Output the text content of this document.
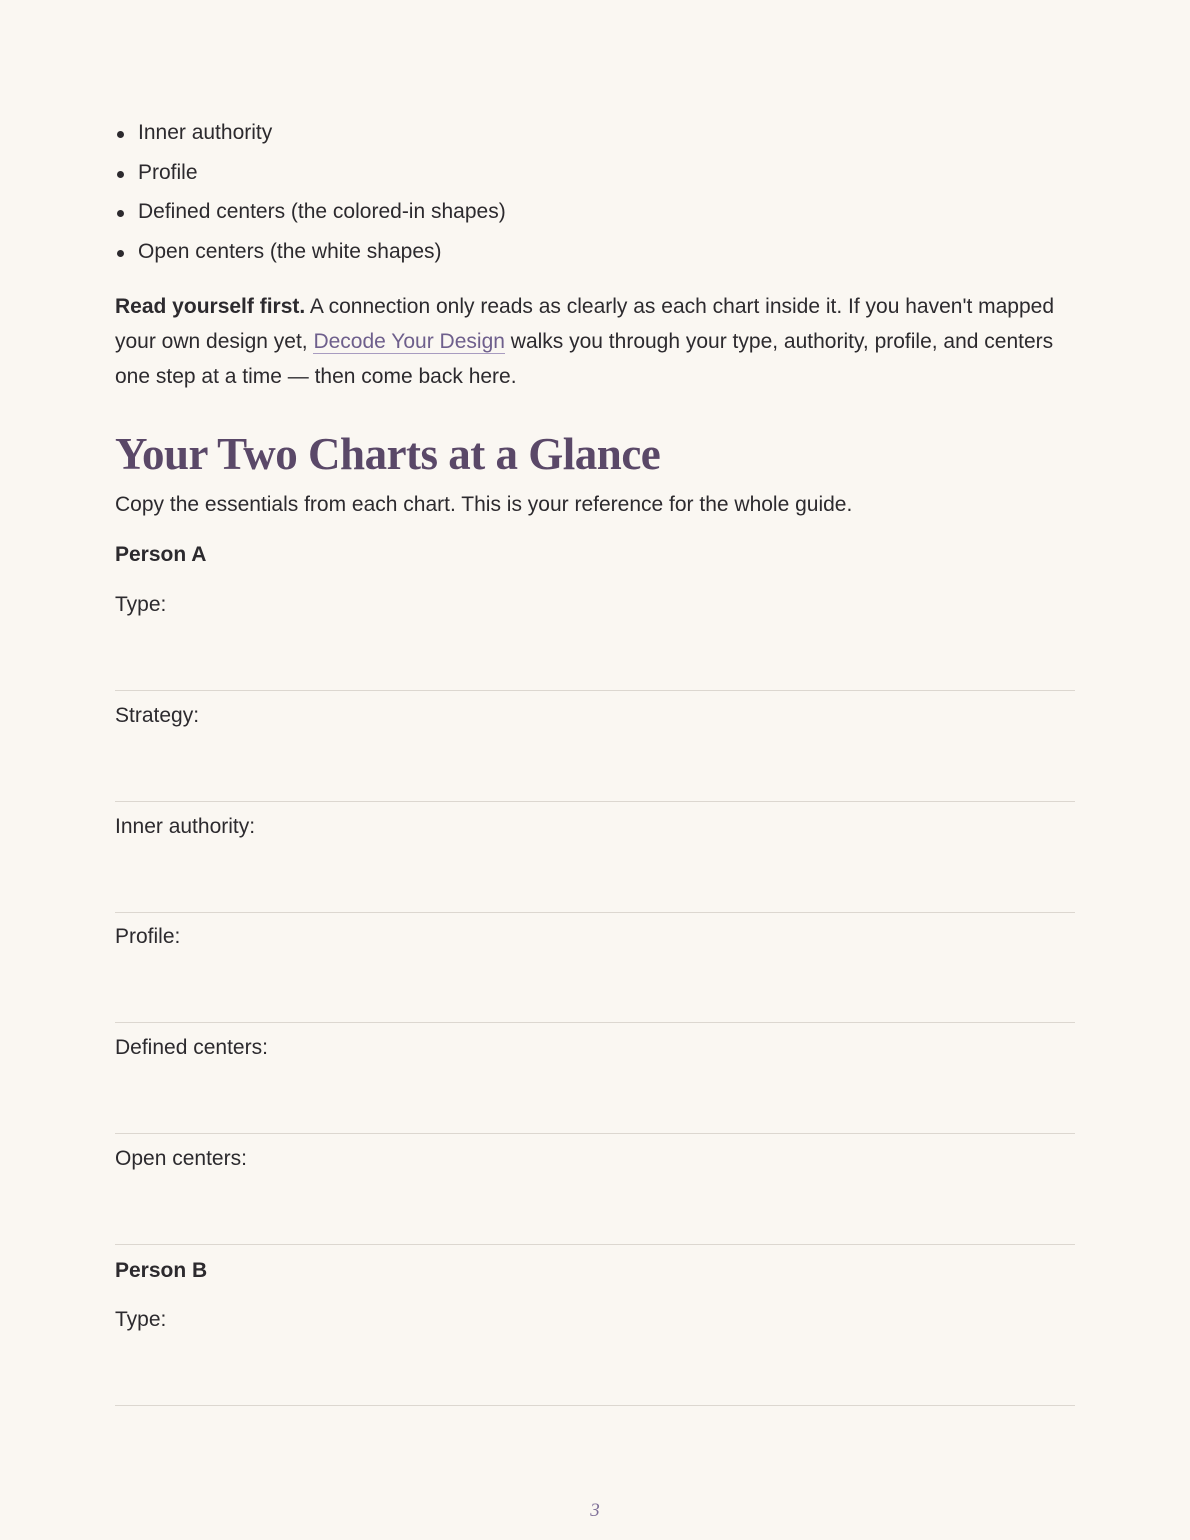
Inner authority
Profile
Defined centers (the colored-in shapes)
Open centers (the white shapes)

Read yourself first. A connection only reads as clearly as each chart inside it. If you haven't mapped your own design yet, Decode Your Design walks you through your type, authority, profile, and centers one step at a time — then come back here.

Your Two Charts at a Glance

Copy the essentials from each chart. This is your reference for the whole guide.

Person A
Type:
Strategy:
Inner authority:
Profile:
Defined centers:
Open centers:
Person B
Type:
3
